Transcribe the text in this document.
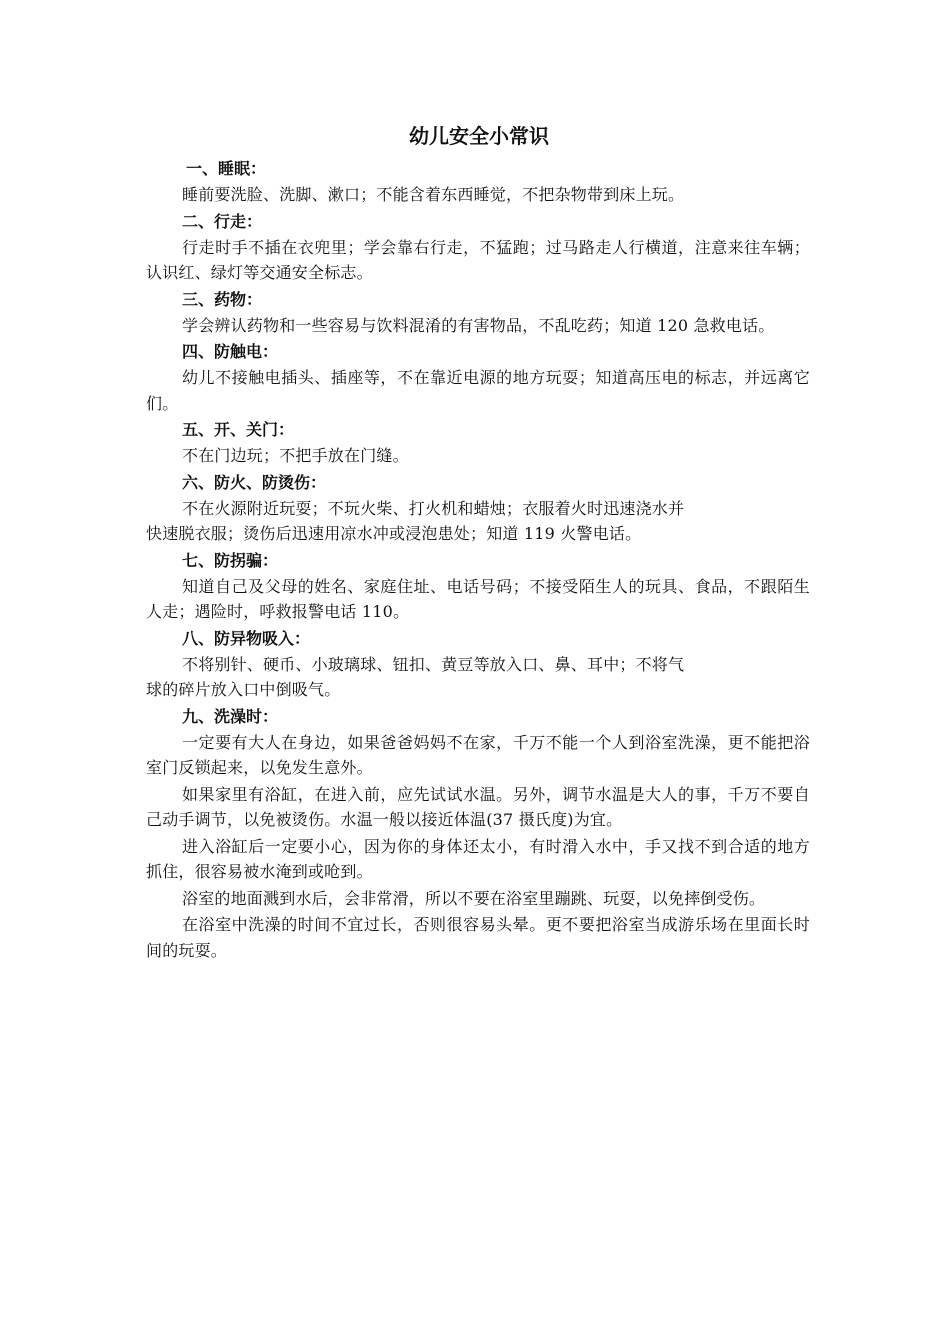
幼儿安全小常识
一、睡眠：

睡前要洗脸、洗脚、漱口；不能含着东西睡觉，不把杂物带到床上玩。

二、行走：

行走时手不插在衣兜里；学会靠右行走，不猛跑；过马路走人行横道，注意来往车辆；认识红、绿灯等交通安全标志。

三、药物：

学会辨认药物和一些容易与饮料混淆的有害物品，不乱吃药；知道 120 急救电话。

四、防触电：

幼儿不接触电插头、插座等，不在靠近电源的地方玩耍；知道高压电的标志，并远离它们。

五、开、关门：

不在门边玩；不把手放在门缝。

六、防火、防烫伤：

不在火源附近玩耍；不玩火柴、打火机和蜡烛；衣服着火时迅速浇水并
快速脱衣服；烫伤后迅速用凉水冲或浸泡患处；知道 119 火警电话。

七、防拐骗：

知道自己及父母的姓名、家庭住址、电话号码；不接受陌生人的玩具、食品，不跟陌生人走；遇险时，呼救报警电话 110。

八、防异物吸入：

不将别针、硬币、小玻璃球、钮扣、黄豆等放入口、鼻、耳中；不将气
球的碎片放入口中倒吸气。

九、洗澡时：

一定要有大人在身边，如果爸爸妈妈不在家，千万不能一个人到浴室洗澡，更不能把浴室门反锁起来，以免发生意外。

如果家里有浴缸，在进入前，应先试试水温。另外，调节水温是大人的事，千万不要自己动手调节，以免被烫伤。水温一般以接近体温(37 摄氏度)为宜。

进入浴缸后一定要小心，因为你的身体还太小，有时滑入水中，手又找不到合适的地方抓住，很容易被水淹到或呛到。

浴室的地面溅到水后，会非常滑，所以不要在浴室里蹦跳、玩耍，以免摔倒受伤。

在浴室中洗澡的时间不宜过长，否则很容易头晕。更不要把浴室当成游乐场在里面长时间的玩耍。
